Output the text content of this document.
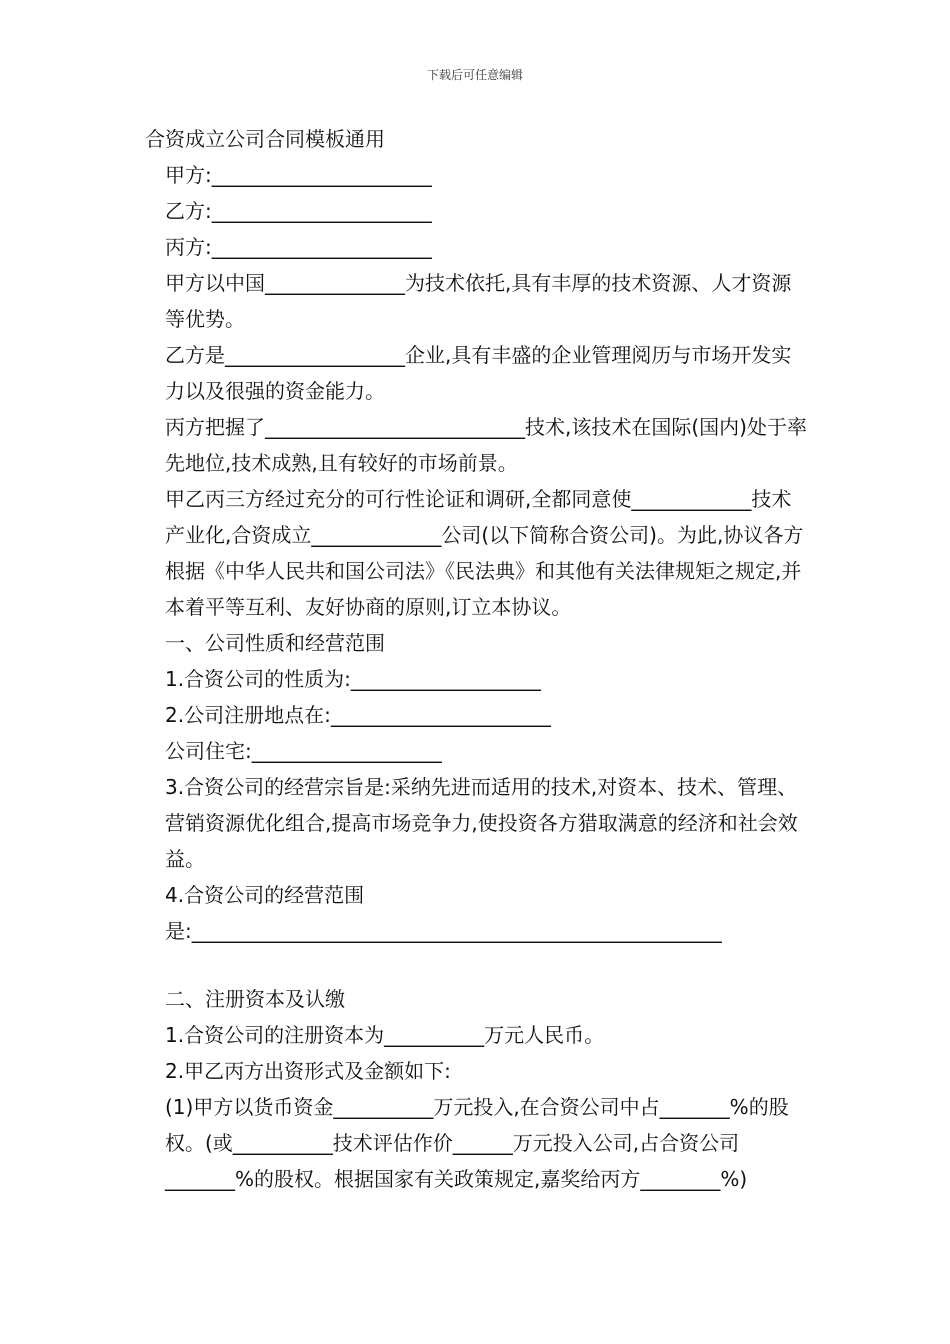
下载后可任意编辑

合资成立公司合同模板通用

甲方:______________________

乙方:______________________

丙方:______________________

甲方以中国______________为技术依托,具有丰厚的技术资源、人才资源等优势。

乙方是__________________企业,具有丰盛的企业管理阅历与市场开发实力以及很强的资金能力。

丙方把握了__________________________技术,该技术在国际(国内)处于率先地位,技术成熟,且有较好的市场前景。

甲乙丙三方经过充分的可行性论证和调研,全都同意使____________技术产业化,合资成立_____________公司(以下简称合资公司)。为此,协议各方根据《中华人民共和国公司法》《民法典》和其他有关法律规矩之规定,并本着平等互利、友好协商的原则,订立本协议。

一、公司性质和经营范围

1.合资公司的性质为:___________________

2.公司注册地点在:______________________

公司住宅:___________________

3.合资公司的经营宗旨是:采纳先进而适用的技术,对资本、技术、管理、营销资源优化组合,提高市场竞争力,使投资各方猎取满意的经济和社会效益。

4.合资公司的经营范围是:_____________________________________________________

二、注册资本及认缴

1.合资公司的注册资本为__________万元人民币。

2.甲乙丙方出资形式及金额如下:

(1)甲方以货币资金__________万元投入,在合资公司中占_______%的股权。(或__________技术评估作价______万元投入公司,占合资公司_______%的股权。根据国家有关政策规定,嘉奖给丙方________%)
